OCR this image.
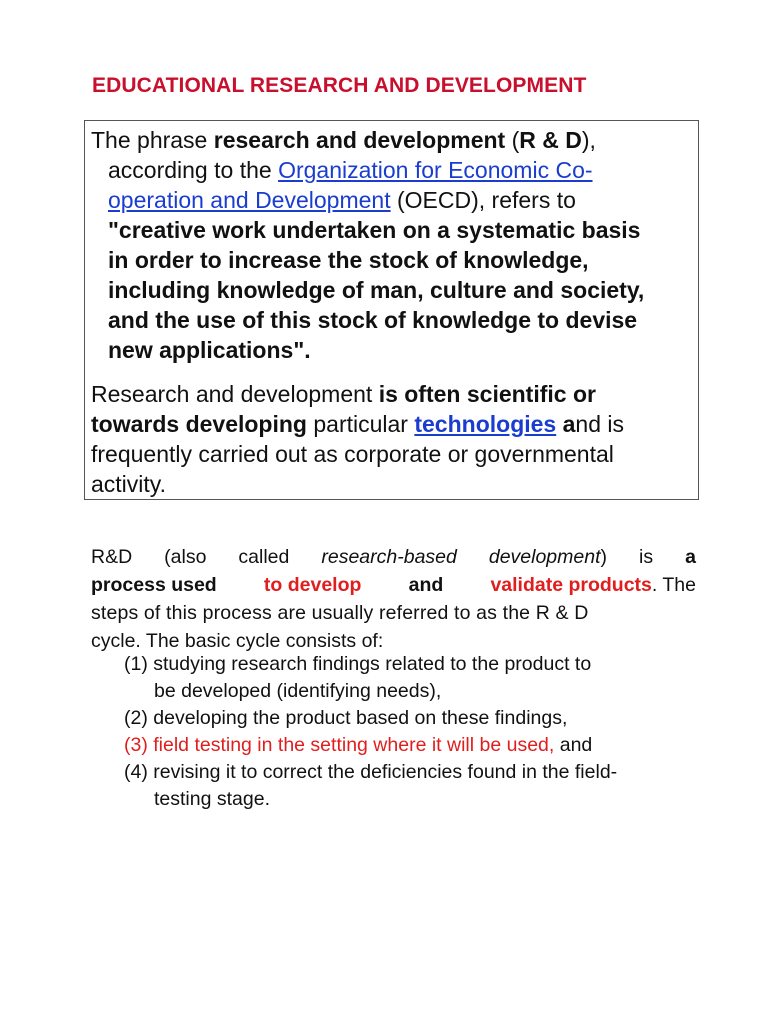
EDUCATIONAL RESEARCH AND DEVELOPMENT
The phrase research and development (R & D),
according to the Organization for Economic Co-
operation and Development (OECD), refers to
"creative work undertaken on a systematic basis
in order to increase the stock of knowledge,
including knowledge of man, culture and society,
and the use of this stock of knowledge to devise
new applications".
Research and development is often scientific or
towards developing particular technologies and is
frequently carried out as corporate or governmental
activity.
R&D (also called research-based development) is a
process used to develop and validate products. The
steps of this process are usually referred to as the R & D
cycle. The basic cycle consists of:
(1) studying research findings related to the product to
be developed (identifying needs),
(2) developing the product based on these findings,
(3) field testing in the setting where it will be used, and
(4) revising it to correct the deficiencies found in the field-
testing stage.
